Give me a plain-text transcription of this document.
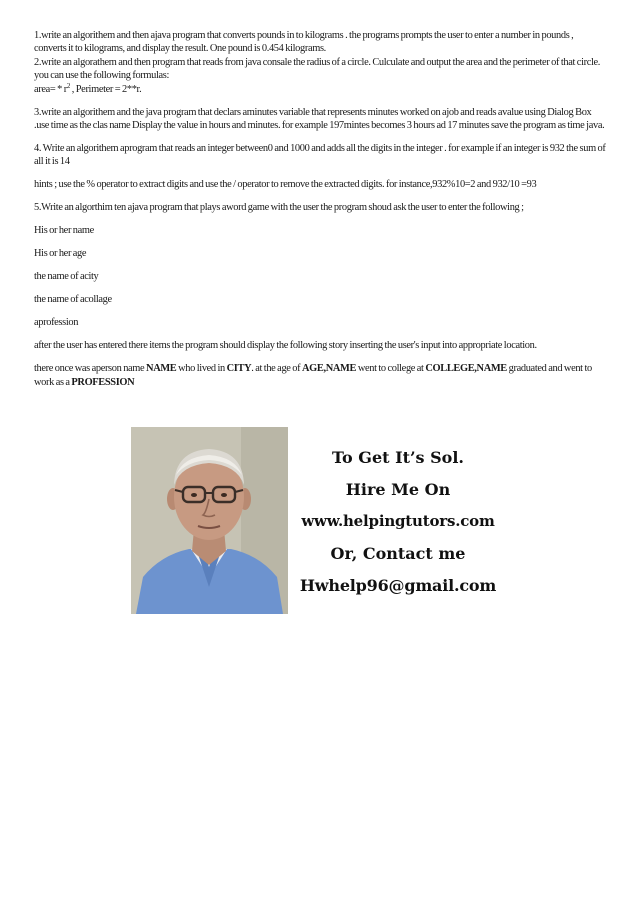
1.write an algorithem and then ajava program that converts pounds in to kilograms . the programs prompts the user to enter a number in pounds , converts it to kilograms, and display the result. One pound is 0.454 kilograms.

2.write an algorathem and then program that reads from java consale the radius of a circle. Culculate and output the area and the perimeter of that circle. you can use the following formulas:

area= * $r^2$ , Perimeter = 2**r.

3.write an algorithem and the java program that declars aminutes variable that represents minutes worked on ajob and reads avalue using Dialog Box .use time as the clas name Display the value in hours and minutes. for example 197mintes becomes 3 hours ad 17 minutes save the program as time java.

4. Write an algorithem aprogram that reads an integer between0 and 1000 and adds all the digits in the integer . for example if an integer is 932 the sum of all it is 14

hints ; use the % operator to extract digits and use the / operator to remove the extracted digits. for instance,932%10=2 and 932/10 =93

5.Write an algorthim ten ajava program that plays aword game with the user the program shoud ask the user to enter the following ;

His or her name

His or her age

the name of acity

the name of acollage

aprofession

after the user has entered there items the program should display the following story inserting the user's input into appropriate location.

there once was aperson name NAME who lived in CITY. at the age of AGE,NAME went to college at COLLEGE,NAME graduated and went to work as a PROFESSION

To Get It’s Sol.
Hire Me On
www.helpingtutors.com
Or, Contact me
Hwhelp96@gmail.com
